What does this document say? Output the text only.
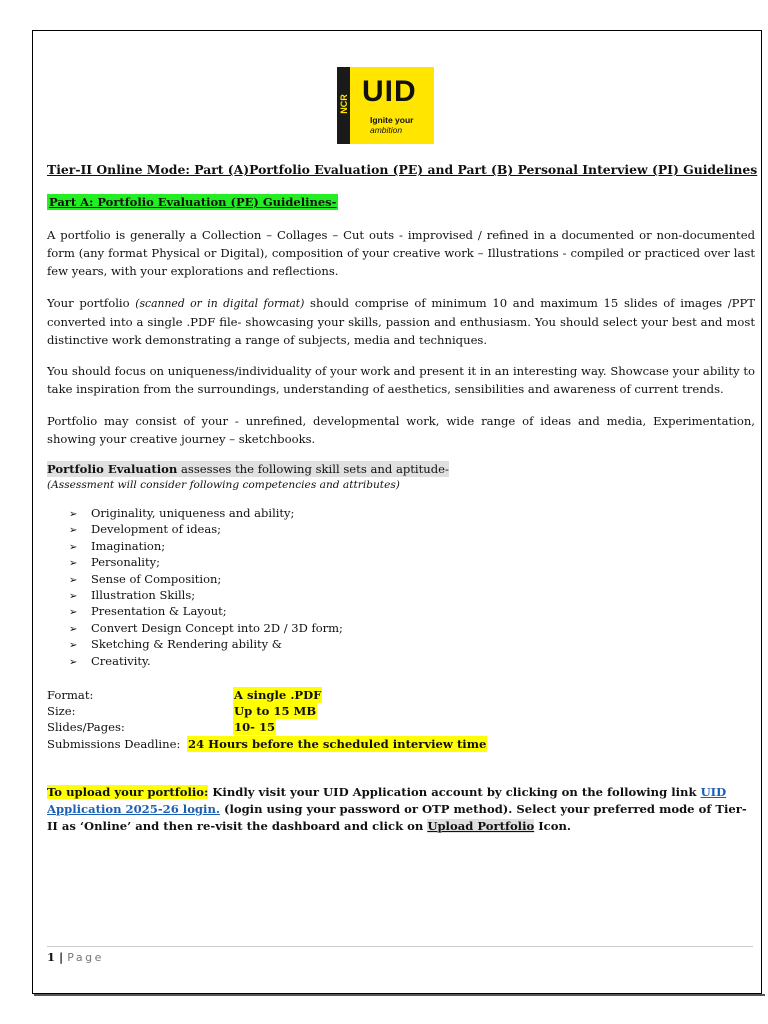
NCR UID
Ignite your
ambition
Tier-II Online Mode: Part (A)Portfolio Evaluation (PE) and Part (B) Personal Interview (PI) Guidelines
Part A: Portfolio Evaluation (PE) Guidelines-

A portfolio is generally a Collection – Collages – Cut outs - improvised / refined in a documented or non-documented form (any format Physical or Digital), composition of your creative work – Illustrations - compiled or practiced over last few years, with your explorations and reflections.

Your portfolio (scanned or in digital format) should comprise of minimum 10 and maximum 15 slides of images /PPT converted into a single .PDF file- showcasing your skills, passion and enthusiasm. You should select your best and most distinctive work demonstrating a range of subjects, media and techniques.

You should focus on uniqueness/individuality of your work and present it in an interesting way. Showcase your ability to take inspiration from the surroundings, understanding of aesthetics, sensibilities and awareness of current trends.

Portfolio may consist of your - unrefined, developmental work, wide range of ideas and media, Experimentation, showing your creative journey – sketchbooks.

Portfolio Evaluation assesses the following skill sets and aptitude-
(Assessment will consider following competencies and attributes)
➢ Originality, uniqueness and ability;
➢ Development of ideas;
➢ Imagination;
➢ Personality;
➢ Sense of Composition;
➢ Illustration Skills;
➢ Presentation & Layout;
➢ Convert Design Concept into 2D / 3D form;
➢ Sketching & Rendering ability &
➢ Creativity.
Format:	A single .PDF
Size:	Up to 15 MB
Slides/Pages:	10- 15
Submissions Deadline: 24 Hours before the scheduled interview time

To upload your portfolio: Kindly visit your UID Application account by clicking on the following link UID Application 2025-26 login. (login using your password or OTP method). Select your preferred mode of Tier-II as ‘Online’ and then re-visit the dashboard and click on Upload Portfolio Icon.

1 | Page
